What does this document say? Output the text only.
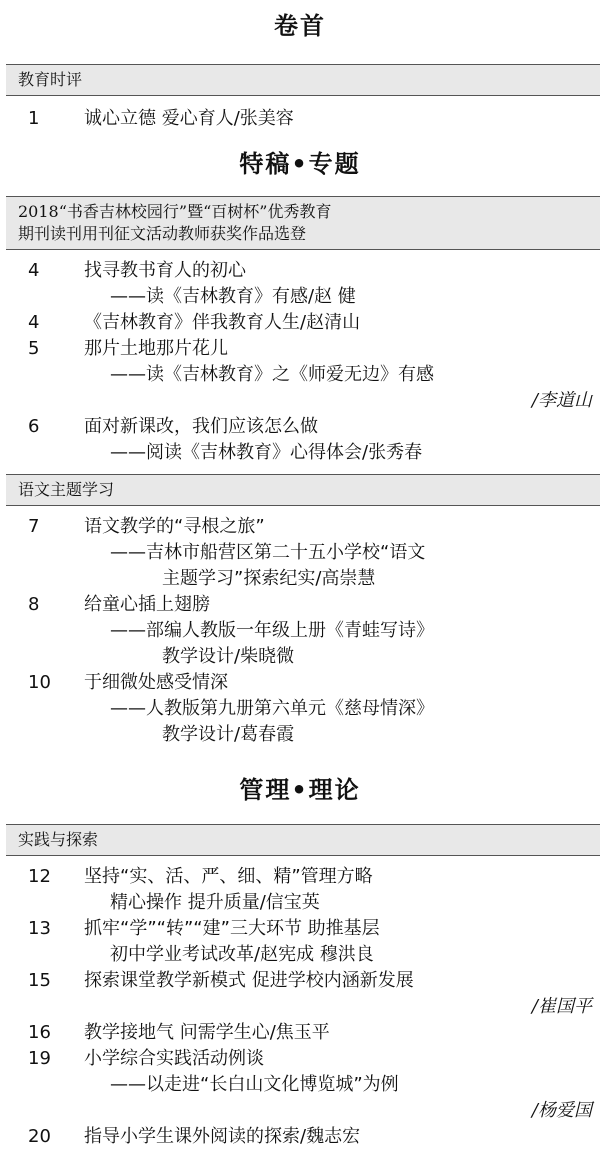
卷首
教育时评
1	诚心立德 爱心育人/张美容
特稿•专题
2018“书香吉林校园行”暨“百树杯”优秀教育
期刊读刊用刊征文活动教师获奖作品选登
4	找寻教书育人的初心
——读《吉林教育》有感/赵 健
4	《吉林教育》伴我教育人生/赵清山
5	那片土地那片花儿
——读《吉林教育》之《师爱无边》有感
/李道山
6	面对新课改，我们应该怎么做
——阅读《吉林教育》心得体会/张秀春
语文主题学习
7	语文教学的“寻根之旅”
——吉林市船营区第二十五小学校“语文
主题学习”探索纪实/高崇慧
8	给童心插上翅膀
——部编人教版一年级上册《青蛙写诗》
教学设计/柴晓微
10	于细微处感受情深
——人教版第九册第六单元《慈母情深》
教学设计/葛春霞
管理•理论
实践与探索
12	坚持“实、活、严、细、精”管理方略
精心操作 提升质量/信宝英
13	抓牢“学”“转”“建”三大环节 助推基层
初中学业考试改革/赵宪成 穆洪良
15	探索课堂教学新模式 促进学校内涵新发展
/崔国平
16	教学接地气 问需学生心/焦玉平
19	小学综合实践活动例谈
——以走进“长白山文化博览城”为例
/杨爱国
20	指导小学生课外阅读的探索/魏志宏
